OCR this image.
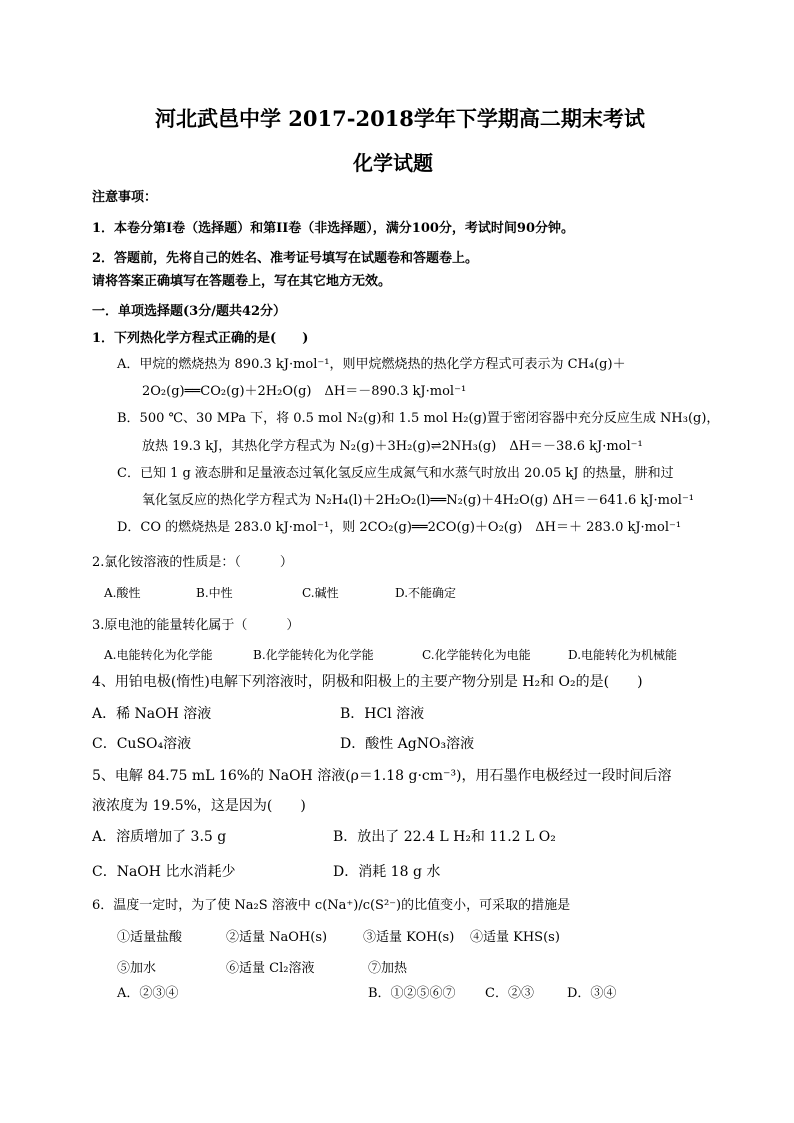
河北武邑中学 2017-2018学年下学期高二期末考试
化学试题
注意事项：
1．本卷分第I卷（选择题）和第II卷（非选择题），满分100分，考试时间90分钟。
2．答题前，先将自己的姓名、准考证号填写在试题卷和答题卷上。
请将答案正确填写在答题卷上，写在其它地方无效。
一．单项选择题(3分/题共42分）
1．下列热化学方程式正确的是(　　)
A．甲烷的燃烧热为 890.3 kJ·mol⁻¹，则甲烷燃烧热的热化学方程式可表示为 CH₄(g)＋
2O₂(g)══CO₂(g)＋2H₂O(g)　ΔH＝－890.3 kJ·mol⁻¹
B．500 ℃、30 MPa 下，将 0.5 mol N₂(g)和 1.5 mol H₂(g)置于密闭容器中充分反应生成 NH₃(g)，
放热 19.3 kJ，其热化学方程式为 N₂(g)＋3H₂(g)⇌2NH₃(g)　ΔH＝－38.6 kJ·mol⁻¹
C．已知 1 g 液态肼和足量液态过氧化氢反应生成氮气和水蒸气时放出 20.05 kJ 的热量，肼和过
氧化氢反应的热化学方程式为 N₂H₄(l)＋2H₂O₂(l)══N₂(g)＋4H₂O(g) ΔH＝－641.6 kJ·mol⁻¹
D．CO 的燃烧热是 283.0 kJ·mol⁻¹，则 2CO₂(g)══2CO(g)＋O₂(g)　ΔH＝＋ 283.0 kJ·mol⁻¹
2.氯化铵溶液的性质是：（　　　）
A.酸性	B.中性	C.碱性	D.不能确定
3.原电池的能量转化属于（　　　）
A.电能转化为化学能	B.化学能转化为化学能	C.化学能转化为电能	D.电能转化为机械能
4、用铂电极(惰性)电解下列溶液时，阴极和阳极上的主要产物分别是 H₂和 O₂的是(　　)
A．稀 NaOH 溶液	B．HCl 溶液
C．CuSO₄溶液	D．酸性 AgNO₃溶液
5、电解 84.75 mL 16%的 NaOH 溶液(ρ＝1.18 g·cm⁻³)，用石墨作电极经过一段时间后溶
液浓度为 19.5%，这是因为(　　)
A．溶质增加了 3.5 g	B．放出了 22.4 L H₂和 11.2 L O₂
C．NaOH 比水消耗少	D．消耗 18 g 水
6．温度一定时，为了使 Na₂S 溶液中 c(Na⁺)/c(S²⁻)的比值变小，可采取的措施是
①适量盐酸	②适量 NaOH(s)	③适量 KOH(s) ④适量 KHS(s)
⑤加水	⑥适量 Cl₂溶液	⑦加热
A．②③④	B．①②⑤⑥⑦ C．②③	D．③④
